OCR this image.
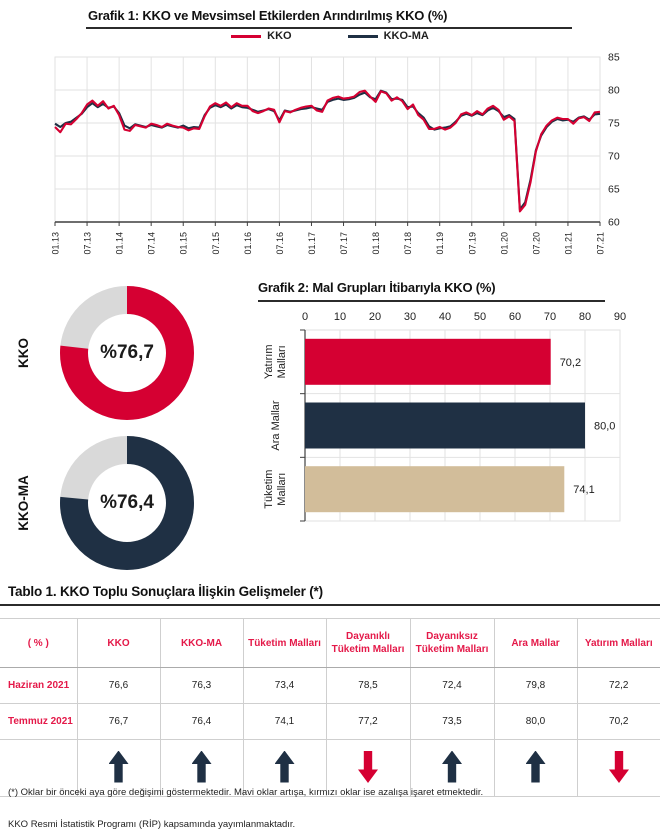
Grafik 1: KKO ve Mevsimsel Etkilerden Arındırılmış KKO (%)
KKO	KKO-MA
01.13 07.13 01.14 07.14 01.15 07.15 01.16 07.16 01.17 07.17 01.18 07.18 01.19 07.19 01.20 07.20 01.21 07.21
85
80
75
70
65
60
KKO	%76,7
KKO-MA	%76,4
Grafik 2: Mal Grupları İtibarıyla KKO (%)
0 10 20 30 40 50 60 70 80 90
70,2
Yatırım Malları
80,0
Ara Mallar
74,1
Tüketim Malları
Tablo 1. KKO Toplu Sonuçlara İlişkin Gelişmeler (*)
( % )	KKO	KKO-MA	Tüketim Malları	Dayanıklı Tüketim Malları	Dayanıksız Tüketim Malları	Ara Mallar	Yatırım Malları
Haziran 2021	76,6	76,3	73,4	78,5	72,4	79,8	72,2
Temmuz 2021	76,7	76,4	74,1	77,2	73,5	80,0	70,2

(*) Oklar bir önceki aya göre değişimi göstermektedir. Mavi oklar artışa, kırmızı oklar ise azalışa işaret etmektedir.
KKO Resmi İstatistik Programı (RİP) kapsamında yayımlanmaktadır.
